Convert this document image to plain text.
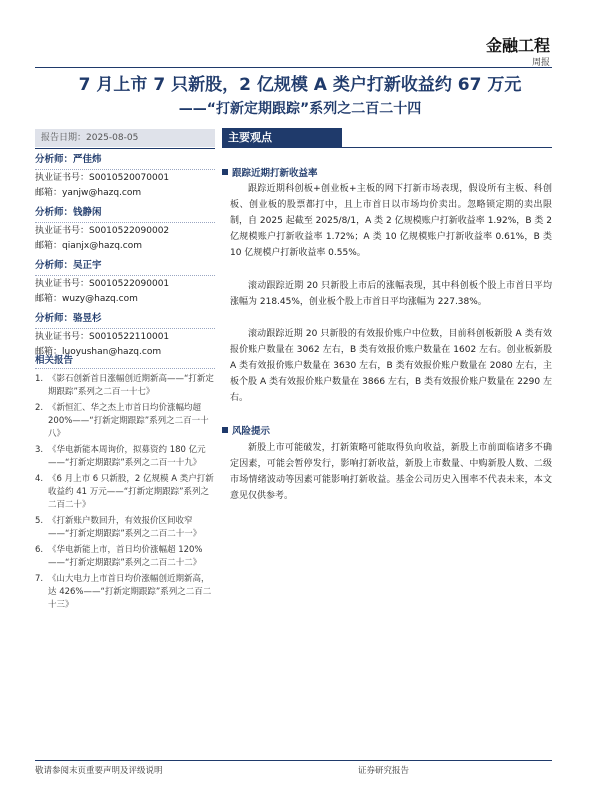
金融工程
周报
7 月上市 7 只新股，2 亿规模 A 类户打新收益约 67 万元
——“打新定期跟踪”系列之二百二十四
报告日期：2025-08-05
分析师：严佳炜
执业证书号：S0010520070001
邮箱：yanjw@hazq.com
分析师：钱静闲
执业证书号：S0010522090002
邮箱：qianjx@hazq.com
分析师：吴正宇
执业证书号：S0010522090001
邮箱：wuzy@hazq.com
分析师：骆昱杉
执业证书号：S0010522110001
邮箱：luoyushan@hazq.com
相关报告
1. 《影石创新首日涨幅创近期新高——“打新定期跟踪”系列之二百一十七》
2. 《新恒汇、华之杰上市首日均价涨幅均超 200%——“打新定期跟踪”系列之二百一十八》
3. 《华电新能本周询价，拟募资约 180 亿元——“打新定期跟踪”系列之二百一十九》
4. 《6 月上市 6 只新股，2 亿规模 A 类户打新收益约 41 万元——“打新定期跟踪”系列之二百二十》
5. 《打新账户数回升，有效报价区间收窄——“打新定期跟踪”系列之二百二十一》
6. 《华电新能上市，首日均价涨幅超 120%——“打新定期跟踪”系列之二百二十二》
7. 《山大电力上市首日均价涨幅创近期新高，达 426%——“打新定期跟踪”系列之二百二十三》
主要观点
跟踪近期打新收益率
跟踪近期科创板+创业板+主板的网下打新市场表现，假设所有主板、科创板、创业板的股票都打中，且上市首日以市场均价卖出。忽略锁定期的卖出限制，自 2025 起截至 2025/8/1，A 类 2 亿规模账户打新收益率 1.92%，B 类 2 亿规模账户打新收益率 1.72%；A 类 10 亿规模账户打新收益率 0.61%，B 类 10 亿规模户打新收益率 0.55%。
滚动跟踪近期 20 只新股上市后的涨幅表现，其中科创板个股上市首日平均涨幅为 218.45%，创业板个股上市首日平均涨幅为 227.38%。
滚动跟踪近期 20 只新股的有效报价账户中位数，目前科创板新股 A 类有效报价账户数量在 3062 左右，B 类有效报价账户数量在 1602 左右。创业板新股 A 类有效报价账户数量在 3630 左右，B 类有效报价账户数量在 2080 左右，主板个股 A 类有效报价账户数量在 3866 左右，B 类有效报价账户数量在 2290 左右。
风险提示
新股上市可能破发，打新策略可能取得负向收益，新股上市前面临诸多不确定因素，可能会暂停发行，影响打新收益，新股上市数量、中购新股人数、二级市场情绪波动等因素可能影响打新收益。基金公司历史入围率不代表未来，本文意见仅供参考。
敬请参阅末页重要声明及评级说明	证券研究报告
